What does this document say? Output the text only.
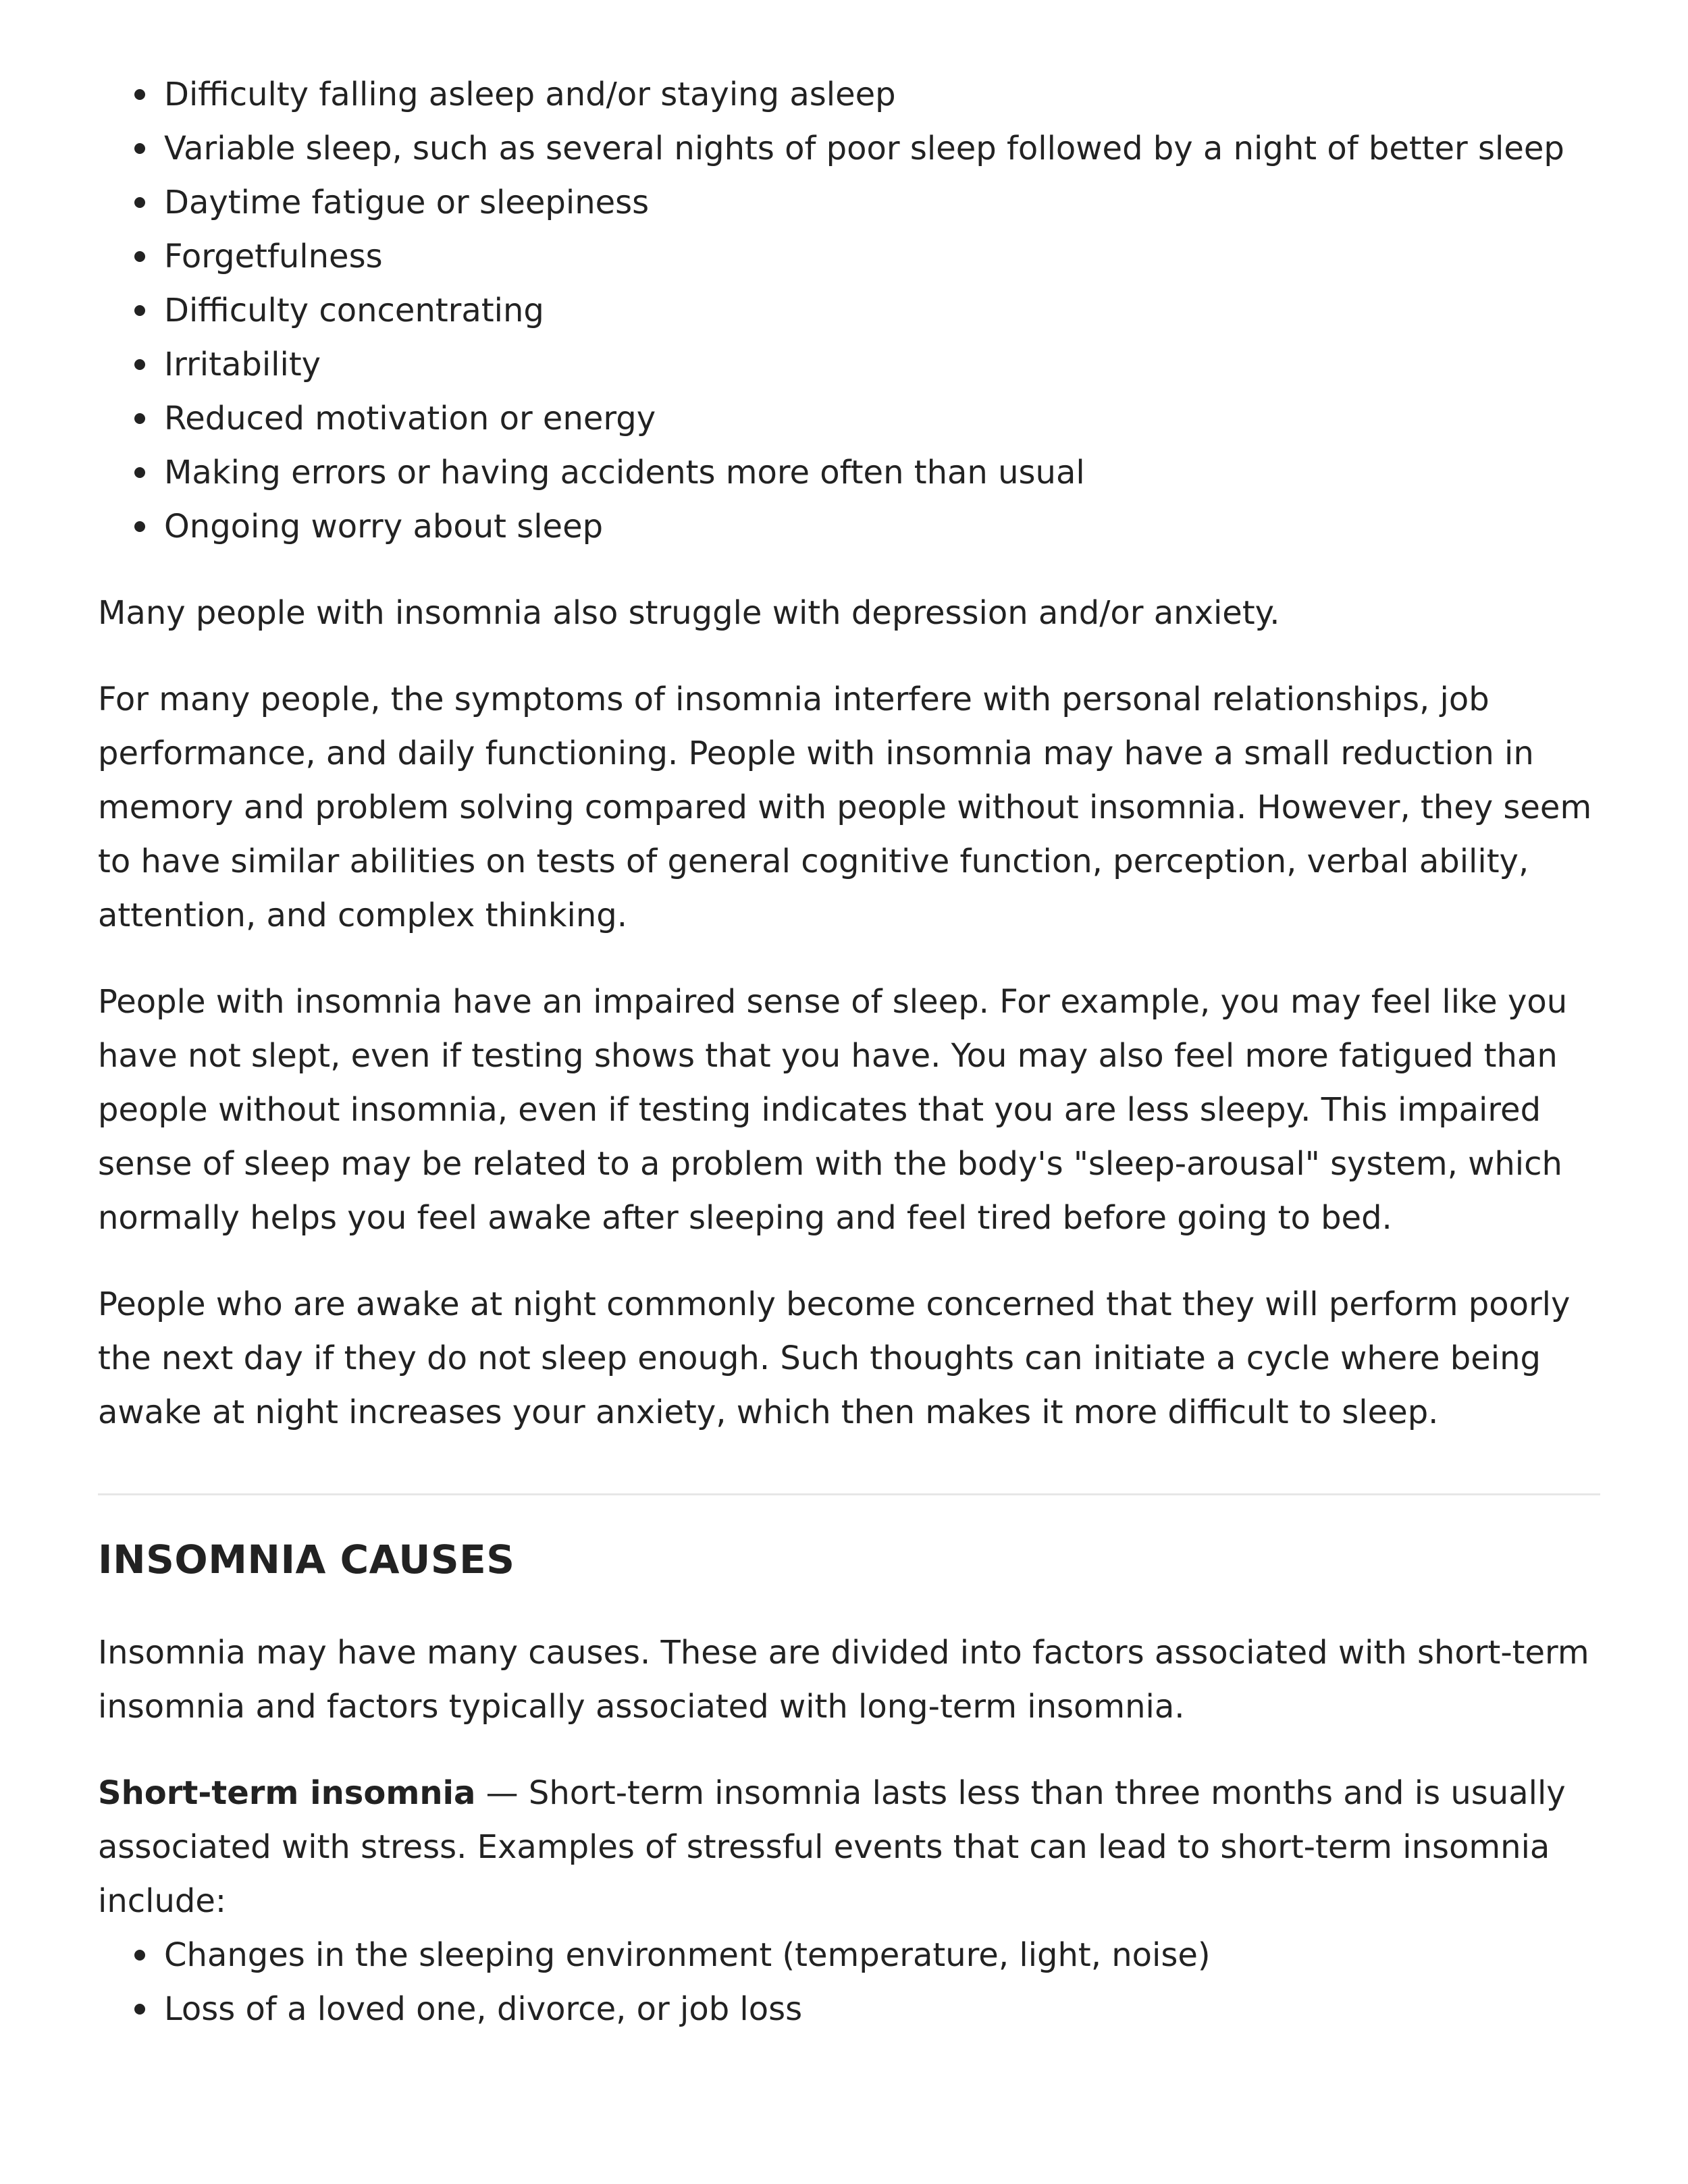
Difficulty falling asleep and/or staying asleep
Variable sleep, such as several nights of poor sleep followed by a night of better sleep
Daytime fatigue or sleepiness
Forgetfulness
Difficulty concentrating
Irritability
Reduced motivation or energy
Making errors or having accidents more often than usual
Ongoing worry about sleep

Many people with insomnia also struggle with depression and/or anxiety.

For many people, the symptoms of insomnia interfere with personal relationships, job performance, and daily functioning. People with insomnia may have a small reduction in memory and problem solving compared with people without insomnia. However, they seem to have similar abilities on tests of general cognitive function, perception, verbal ability, attention, and complex thinking.

People with insomnia have an impaired sense of sleep. For example, you may feel like you have not slept, even if testing shows that you have. You may also feel more fatigued than people without insomnia, even if testing indicates that you are less sleepy. This impaired sense of sleep may be related to a problem with the body's "sleep-arousal" system, which normally helps you feel awake after sleeping and feel tired before going to bed.

People who are awake at night commonly become concerned that they will perform poorly the next day if they do not sleep enough. Such thoughts can initiate a cycle where being awake at night increases your anxiety, which then makes it more difficult to sleep.

INSOMNIA CAUSES

Insomnia may have many causes. These are divided into factors associated with short-term insomnia and factors typically associated with long-term insomnia.

Short-term insomnia — Short-term insomnia lasts less than three months and is usually associated with stress. Examples of stressful events that can lead to short-term insomnia include:

Changes in the sleeping environment (temperature, light, noise)
Loss of a loved one, divorce, or job loss
